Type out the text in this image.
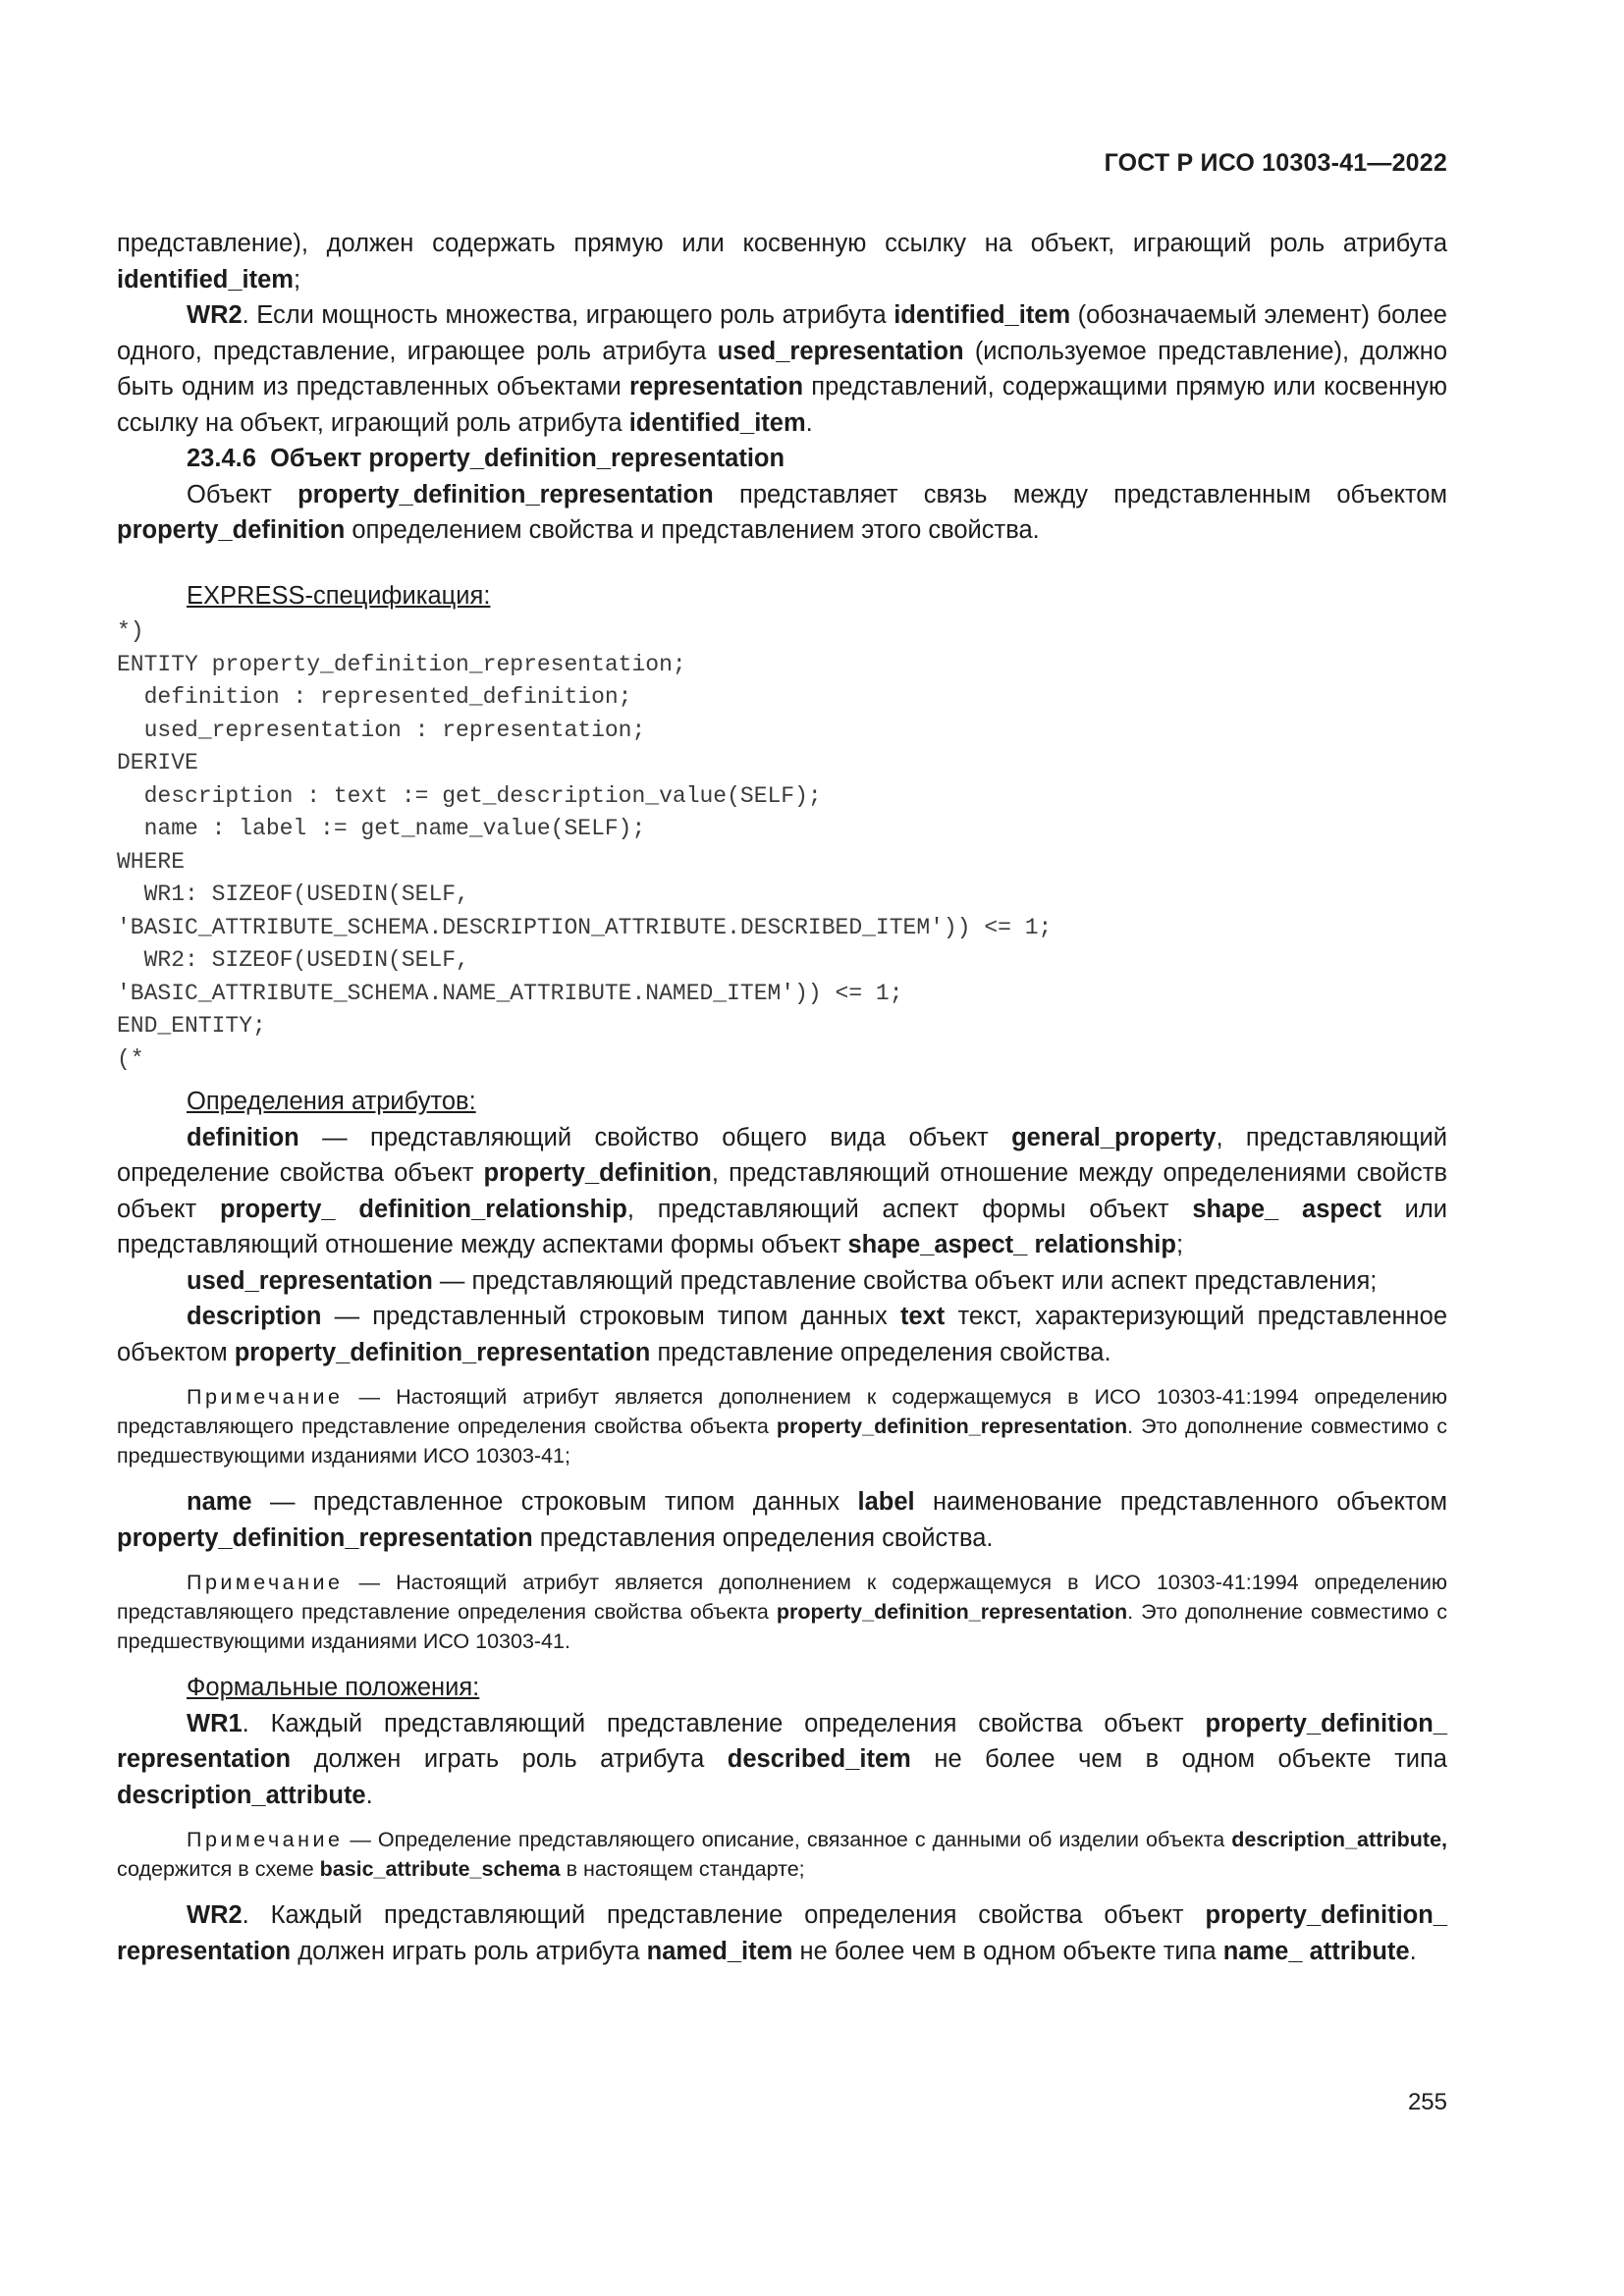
ГОСТ Р ИСО 10303-41—2022

представление), должен содержать прямую или косвенную ссылку на объект, играющий роль атрибута identified_item;

WR2. Если мощность множества, играющего роль атрибута identified_item (обозначаемый элемент) более одного, представление, играющее роль атрибута used_representation (используемое представление), должно быть одним из представленных объектами representation представлений, содержащими прямую или косвенную ссылку на объект, играющий роль атрибута identified_item.

23.4.6 Объект property_definition_representation

Объект property_definition_representation представляет связь между представленным объектом property_definition определением свойства и представлением этого свойства.

EXPRESS-спецификация:
*)
ENTITY property_definition_representation;
definition : represented_definition;
used_representation : representation;
DERIVE
description : text := get_description_value(SELF);
name : label := get_name_value(SELF);
WHERE
WR1: SIZEOF(USEDIN(SELF,
'BASIC_ATTRIBUTE_SCHEMA.DESCRIPTION_ATTRIBUTE.DESCRIBED_ITEM')) <= 1;
WR2: SIZEOF(USEDIN(SELF,
'BASIC_ATTRIBUTE_SCHEMA.NAME_ATTRIBUTE.NAMED_ITEM')) <= 1;
END_ENTITY;
(*
Определения атрибутов:

definition — представляющий свойство общего вида объект general_property, представляющий определение свойства объект property_definition, представляющий отношение между определениями свойств объект property_ definition_relationship, представляющий аспект формы объект shape_ aspect или представляющий отношение между аспектами формы объект shape_aspect_ relationship;

used_representation — представляющий представление свойства объект или аспект представления;

description — представленный строковым типом данных text текст, характеризующий представленное объектом property_definition_representation представление определения свойства.

Примечание — Настоящий атрибут является дополнением к содержащемуся в ИСО 10303-41:1994 определению представляющего представление определения свойства объекта property_definition_representation. Это дополнение совместимо с предшествующими изданиями ИСО 10303-41;

name — представленное строковым типом данных label наименование представленного объектом property_definition_representation представления определения свойства.

Примечание — Настоящий атрибут является дополнением к содержащемуся в ИСО 10303-41:1994 определению представляющего представление определения свойства объекта property_definition_representation. Это дополнение совместимо с предшествующими изданиями ИСО 10303-41.

Формальные положения:

WR1. Каждый представляющий представление определения свойства объект property_definition_ representation должен играть роль атрибута described_item не более чем в одном объекте типа description_attribute.

Примечание — Определение представляющего описание, связанное с данными об изделии объекта description_attribute, содержится в схеме basic_attribute_schema в настоящем стандарте;

WR2. Каждый представляющий представление определения свойства объект property_definition_ representation должен играть роль атрибута named_item не более чем в одном объекте типа name_ attribute.

255
